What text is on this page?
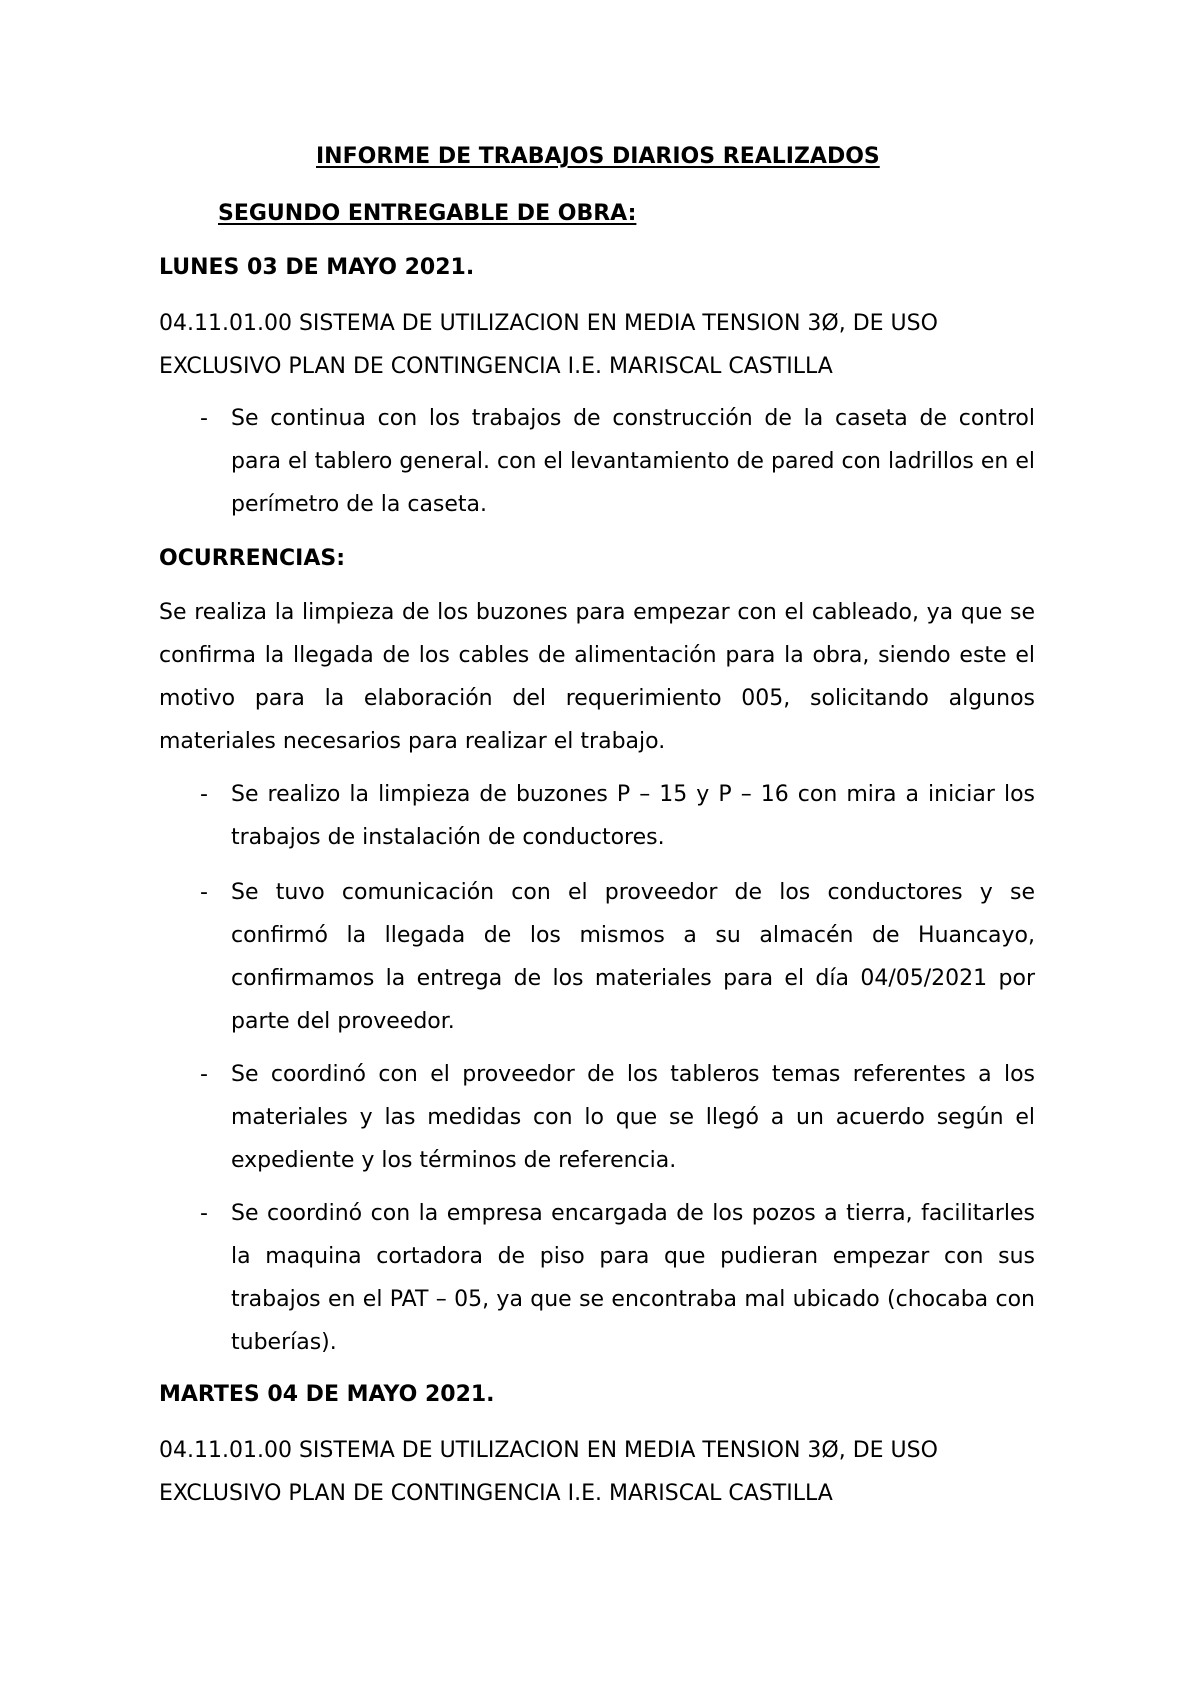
INFORME DE TRABAJOS DIARIOS REALIZADOS

SEGUNDO ENTREGABLE DE OBRA:

LUNES 03 DE MAYO 2021.

04.11.01.00 SISTEMA DE UTILIZACION EN MEDIA TENSION 3Ø, DE USO

EXCLUSIVO PLAN DE CONTINGENCIA I.E. MARISCAL CASTILLA

- Se continua con los trabajos de construcción de la caseta de control para el tablero general. con el levantamiento de pared con ladrillos en el perímetro de la caseta.

OCURRENCIAS:

Se realiza la limpieza de los buzones para empezar con el cableado, ya que se confirma la llegada de los cables de alimentación para la obra, siendo este el motivo para la elaboración del requerimiento 005, solicitando algunos materiales necesarios para realizar el trabajo.

- Se realizo la limpieza de buzones P – 15 y P – 16 con mira a iniciar los trabajos de instalación de conductores.

- Se tuvo comunicación con el proveedor de los conductores y se confirmó la llegada de los mismos a su almacén de Huancayo, confirmamos la entrega de los materiales para el día 04/05/2021 por parte del proveedor.

- Se coordinó con el proveedor de los tableros temas referentes a los materiales y las medidas con lo que se llegó a un acuerdo según el expediente y los términos de referencia.

- Se coordinó con la empresa encargada de los pozos a tierra, facilitarles la maquina cortadora de piso para que pudieran empezar con sus trabajos en el PAT – 05, ya que se encontraba mal ubicado (chocaba con tuberías).

MARTES 04 DE MAYO 2021.

04.11.01.00 SISTEMA DE UTILIZACION EN MEDIA TENSION 3Ø, DE USO

EXCLUSIVO PLAN DE CONTINGENCIA I.E. MARISCAL CASTILLA
